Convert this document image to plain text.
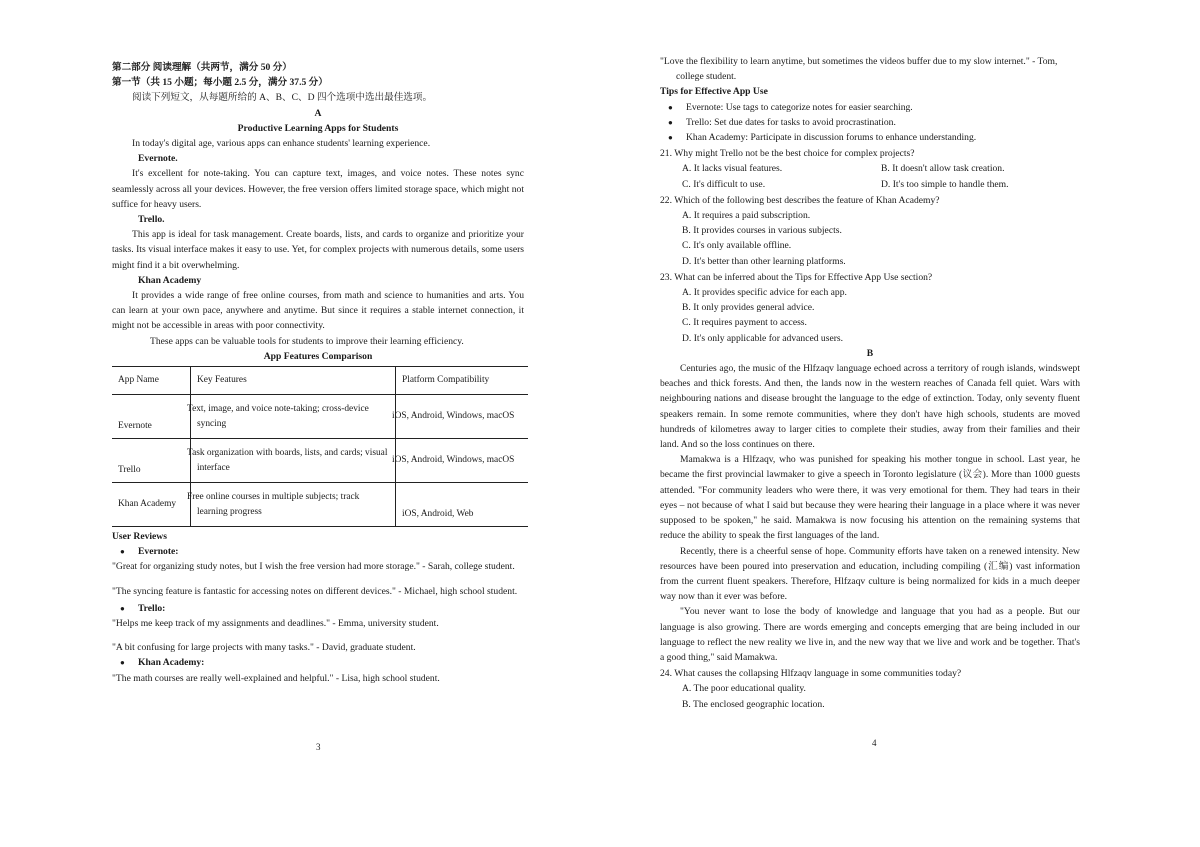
第二部分 阅读理解（共两节，满分 50 分）

第一节（共 15 小题；每小题 2.5 分，满分 37.5 分）

阅读下列短文，从每题所给的 A、B、C、D 四个选项中选出最佳选项。

A

Productive Learning Apps for Students

In today's digital age, various apps can enhance students' learning experience.

Evernote.

It's excellent for note-taking. You can capture text, images, and voice notes. These notes sync seamlessly across all your devices. However, the free version offers limited storage space, which might not suffice for heavy users.

Trello.

This app is ideal for task management. Create boards, lists, and cards to organize and prioritize your tasks. Its visual interface makes it easy to use. Yet, for complex projects with numerous details, some users might find it a bit overwhelming.

Khan Academy

It provides a wide range of free online courses, from math and science to humanities and arts. You can learn at your own pace, anywhere and anytime. But since it requires a stable internet connection, it might not be accessible in areas with poor connectivity.

These apps can be valuable tools for students to improve their learning efficiency.

App Features Comparison

App Name	Key Features	Platform Compatibility
Evernote	Text, image, and voice note-taking; cross-device syncing	iOS, Android, Windows, macOS
Trello	Task organization with boards, lists, and cards; visual interface	iOS, Android, Windows, macOS
Khan Academy	Free online courses in multiple subjects; track learning progress	iOS, Android, Web

User Reviews

● Evernote:

"Great for organizing study notes, but I wish the free version had more storage." - Sarah, college student.

"The syncing feature is fantastic for accessing notes on different devices." - Michael, high school student.

● Trello:

"Helps me keep track of my assignments and deadlines." - Emma, university student.

"A bit confusing for large projects with many tasks." - David, graduate student.

● Khan Academy:

"The math courses are really well-explained and helpful." - Lisa, high school student.

3

"Love the flexibility to learn anytime, but sometimes the videos buffer due to my slow internet." - Tom, college student.

Tips for Effective App Use

● Evernote: Use tags to categorize notes for easier searching.

● Trello: Set due dates for tasks to avoid procrastination.

● Khan Academy: Participate in discussion forums to enhance understanding.

21. Why might Trello not be the best choice for complex projects?

A. It lacks visual features.	B. It doesn't allow task creation.
C. It's difficult to use.	D. It's too simple to handle them.

22. Which of the following best describes the feature of Khan Academy?

A. It requires a paid subscription.

B. It provides courses in various subjects.

C. It's only available offline.

D. It's better than other learning platforms.

23. What can be inferred about the Tips for Effective App Use section?

A. It provides specific advice for each app.

B. It only provides general advice.

C. It requires payment to access.

D. It's only applicable for advanced users.

B

Centuries ago, the music of the Hlfzaqv language echoed across a territory of rough islands, windswept beaches and thick forests. And then, the lands now in the western reaches of Canada fell quiet. Wars with neighbouring nations and disease brought the language to the edge of extinction. Today, only seventy fluent speakers remain. In some remote communities, where they don't have high schools, students are moved hundreds of kilometres away to larger cities to complete their studies, away from their families and their land. And so the loss continues on there.

Mamakwa is a Hlfzaqv, who was punished for speaking his mother tongue in school. Last year, he became the first provincial lawmaker to give a speech in Toronto legislature (议会). More than 1000 guests attended. "For community leaders who were there, it was very emotional for them. They had tears in their eyes – not because of what I said but because they were hearing their language in a place where it was never supposed to be spoken," he said. Mamakwa is now focusing his attention on the remaining systems that reduce the ability to speak the first languages of the land.

Recently, there is a cheerful sense of hope. Community efforts have taken on a renewed intensity. New resources have been poured into preservation and education, including compiling (汇编) vast information from the current fluent speakers. Therefore, Hlfzaqv culture is being normalized for kids in a much deeper way now than it ever was before.

"You never want to lose the body of knowledge and language that you had as a people. But our language is also growing. There are words emerging and concepts emerging that are being included in our language to reflect the new reality we live in, and the new way that we live and work and be together. That's a good thing," said Mamakwa.

24. What causes the collapsing Hlfzaqv language in some communities today?

A. The poor educational quality.

B. The enclosed geographic location.

4
